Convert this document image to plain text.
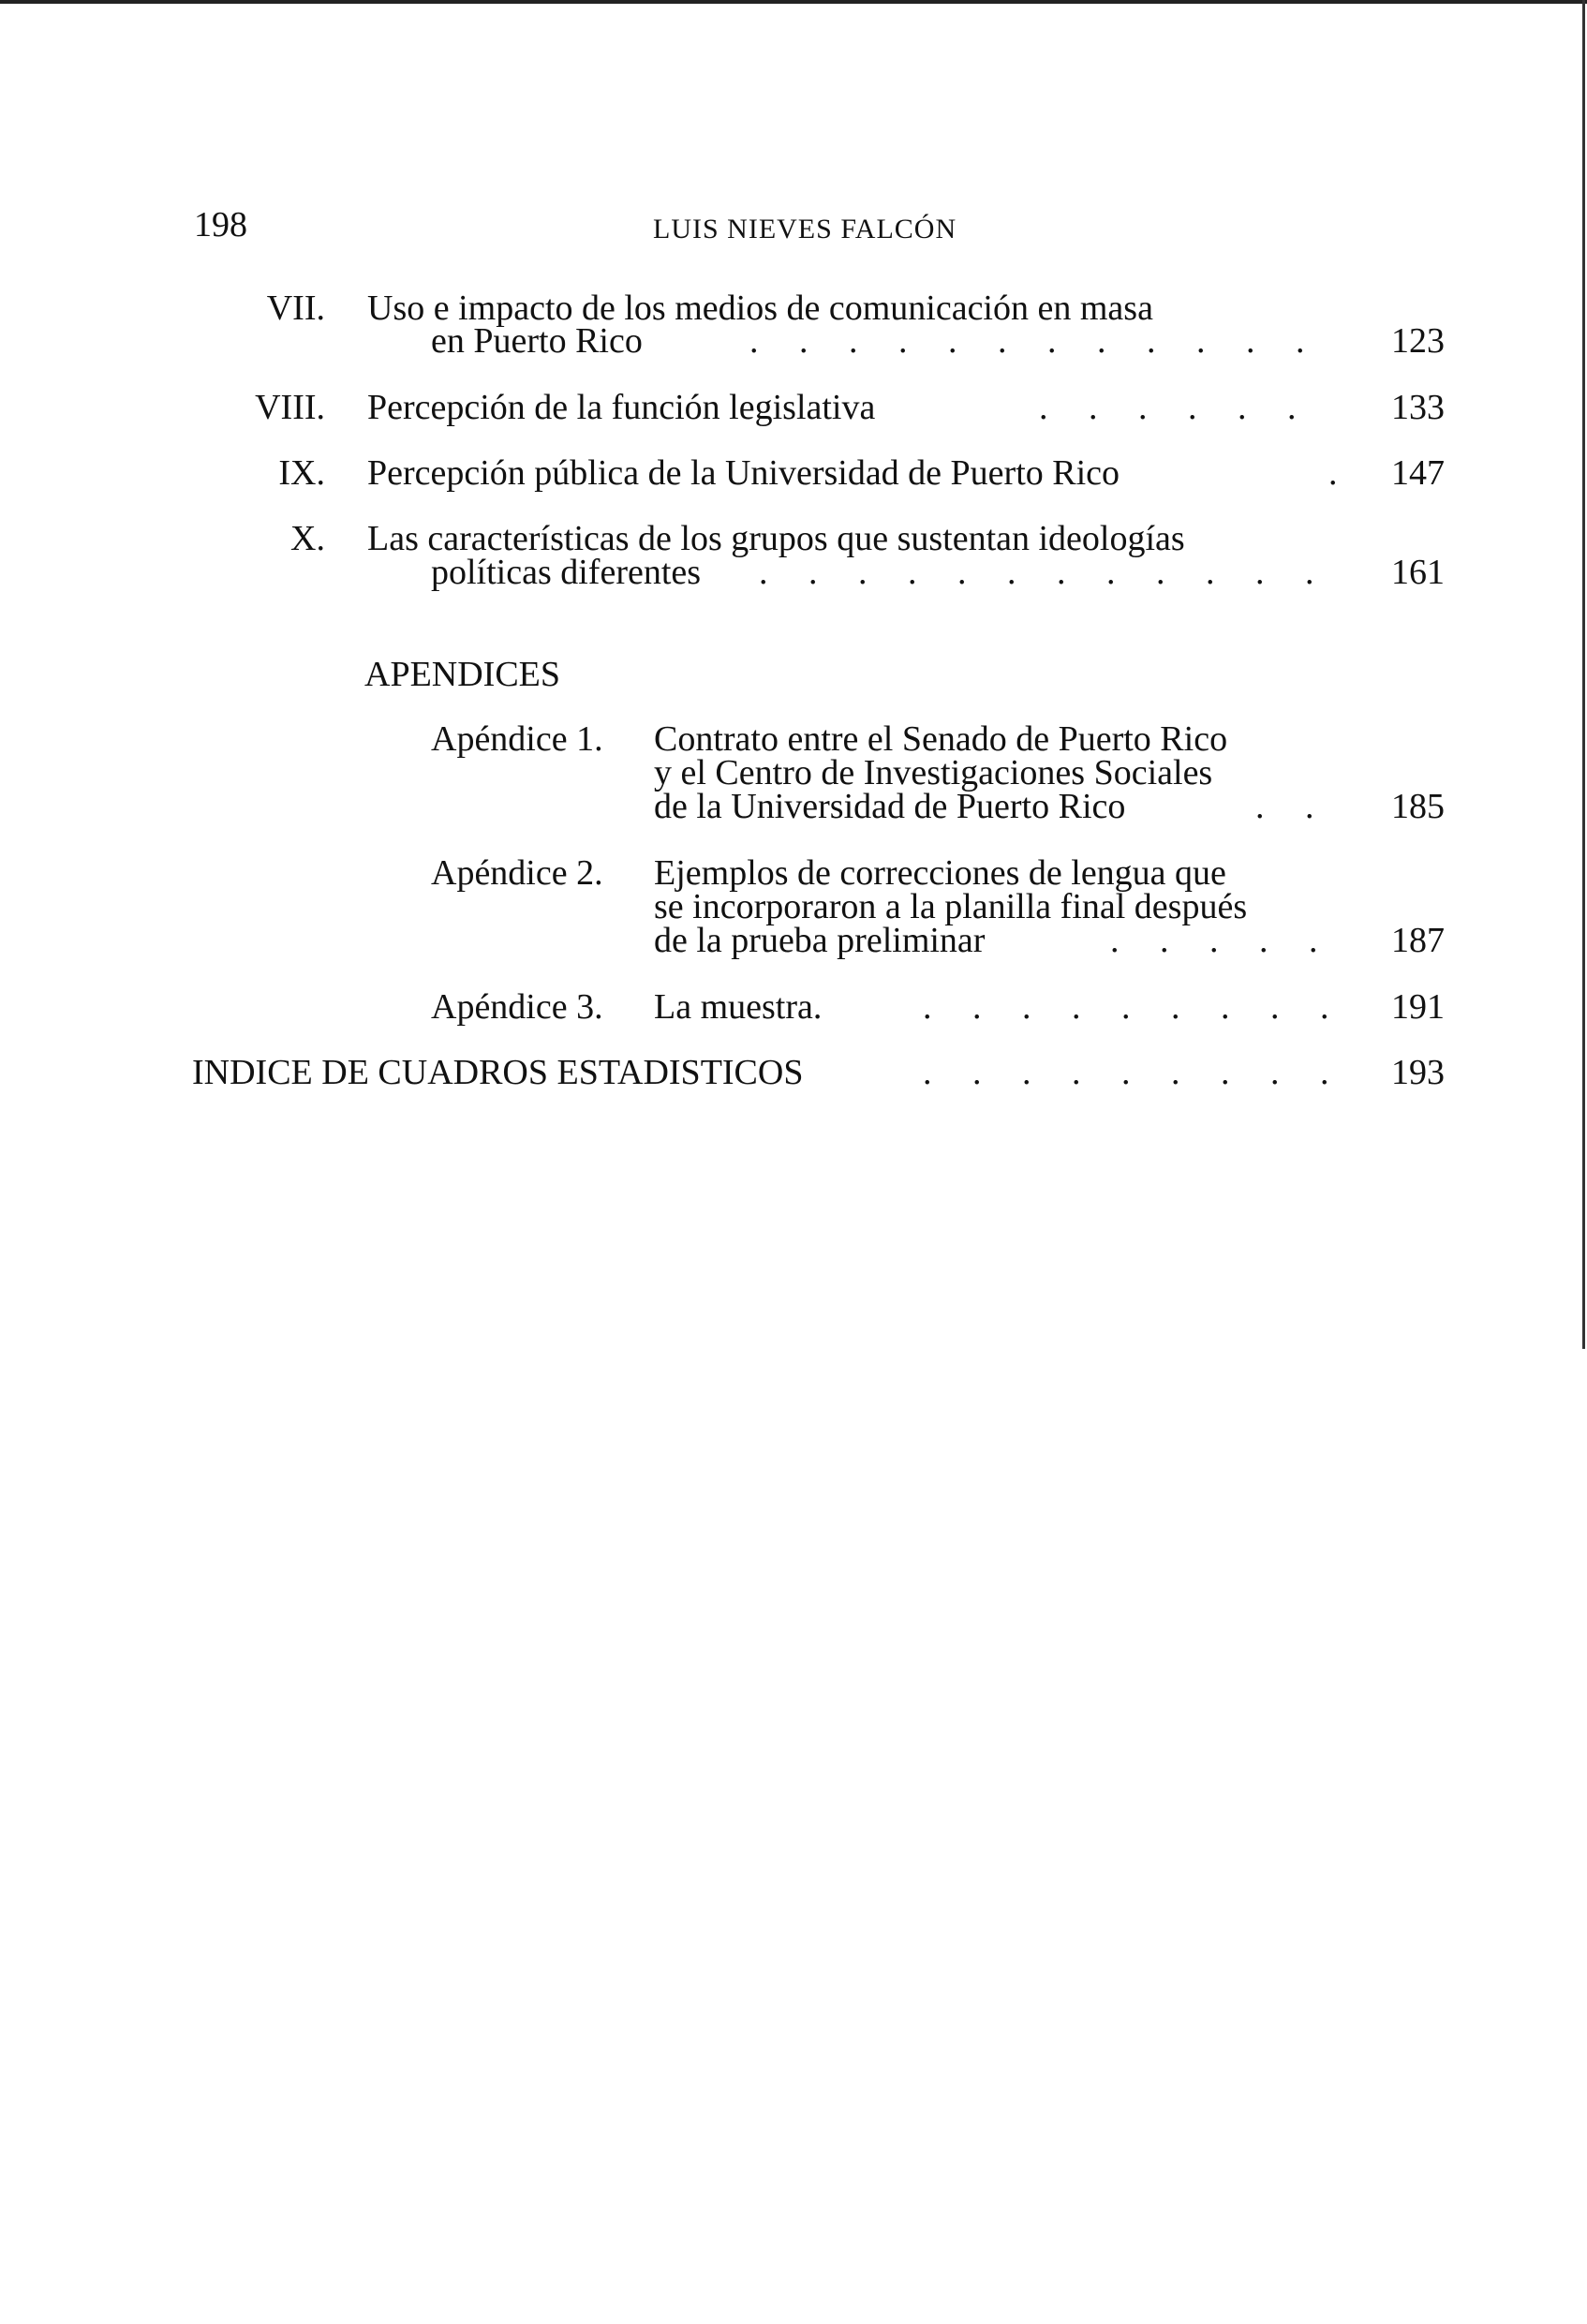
198	LUIS NIEVES FALCÓN
VII. Uso e impacto de los medios de comunicación en masa
en Puerto Rico	. . . . . . . . . . . .	123
VIII. Percepción de la función legislativa	. . . . . .	133
IX. Percepción pública de la Universidad de Puerto Rico	.	147
X. Las características de los grupos que sustentan ideologías
políticas diferentes . . . . . . . . . . . .	161
APENDICES
Apéndice 1. Contrato entre el Senado de Puerto Rico
y el Centro de Investigaciones Sociales
de la Universidad de Puerto Rico	. .	185
Apéndice 2. Ejemplos de correcciones de lengua que
se incorporaron a la planilla final después
de la prueba preliminar	. . . . .	187
Apéndice 3. La muestra.	. . . . . . . . .	191
INDICE DE CUADROS ESTADISTICOS	. . . . . . . . .	193
